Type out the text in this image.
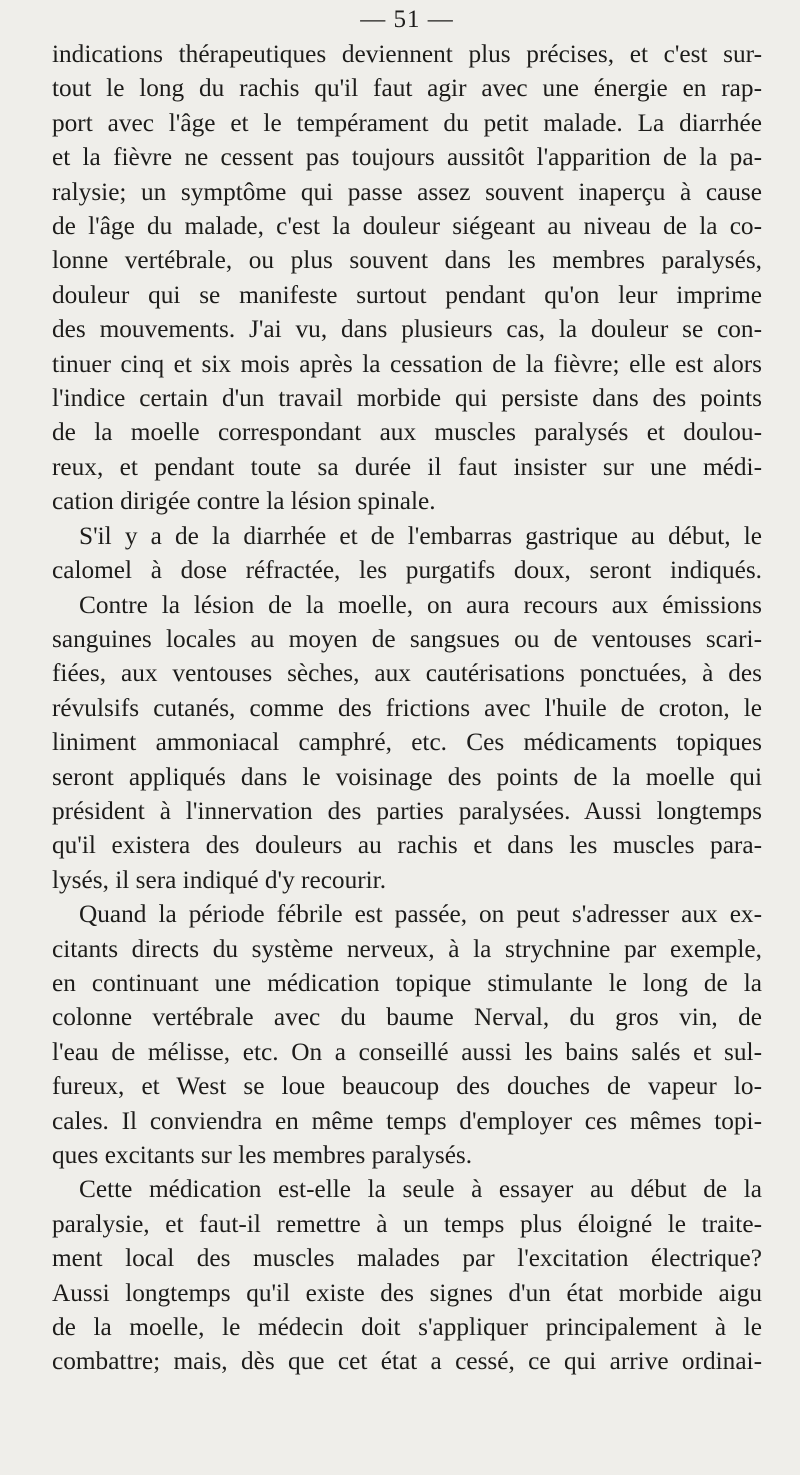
— 51 —
indications thérapeutiques deviennent plus précises, et c'est sur-
tout le long du rachis qu'il faut agir avec une énergie en rap-
port avec l'âge et le tempérament du petit malade. La diarrhée
et la fièvre ne cessent pas toujours aussitôt l'apparition de la pa-
ralysie; un symptôme qui passe assez souvent inaperçu à cause
de l'âge du malade, c'est la douleur siégeant au niveau de la co-
lonne vertébrale, ou plus souvent dans les membres paralysés,
douleur qui se manifeste surtout pendant qu'on leur imprime
des mouvements. J'ai vu, dans plusieurs cas, la douleur se con-
tinuer cinq et six mois après la cessation de la fièvre; elle est alors
l'indice certain d'un travail morbide qui persiste dans des points
de la moelle correspondant aux muscles paralysés et doulou-
reux, et pendant toute sa durée il faut insister sur une médi-
cation dirigée contre la lésion spinale.
S'il y a de la diarrhée et de l'embarras gastrique au début, le
calomel à dose réfractée, les purgatifs doux, seront indiqués.
Contre la lésion de la moelle, on aura recours aux émissions
sanguines locales au moyen de sangsues ou de ventouses scari-
fiées, aux ventouses sèches, aux cautérisations ponctuées, à des
révulsifs cutanés, comme des frictions avec l'huile de croton, le
liniment ammoniacal camphré, etc. Ces médicaments topiques
seront appliqués dans le voisinage des points de la moelle qui
président à l'innervation des parties paralysées. Aussi longtemps
qu'il existera des douleurs au rachis et dans les muscles para-
lysés, il sera indiqué d'y recourir.
Quand la période fébrile est passée, on peut s'adresser aux ex-
citants directs du système nerveux, à la strychnine par exemple,
en continuant une médication topique stimulante le long de la
colonne vertébrale avec du baume Nerval, du gros vin, de
l'eau de mélisse, etc. On a conseillé aussi les bains salés et sul-
fureux, et West se loue beaucoup des douches de vapeur lo-
cales. Il conviendra en même temps d'employer ces mêmes topi-
ques excitants sur les membres paralysés.
Cette médication est-elle la seule à essayer au début de la
paralysie, et faut-il remettre à un temps plus éloigné le traite-
ment local des muscles malades par l'excitation électrique?
Aussi longtemps qu'il existe des signes d'un état morbide aigu
de la moelle, le médecin doit s'appliquer principalement à le
combattre; mais, dès que cet état a cessé, ce qui arrive ordinai-
